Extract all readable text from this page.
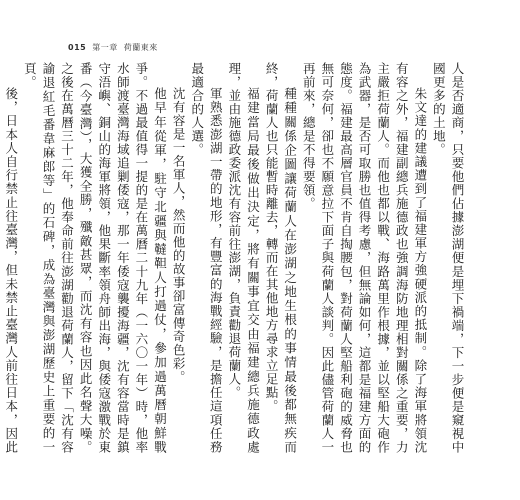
015 第一章 荷蘭東來

人是否適商，只要他們佔據澎湖便是埋下禍端，下一步便是窺視中國更多的土地。

朱文達的建議遭到了福建軍方強硬派的抵制。除了海軍將領沈有容之外，福建副總兵施德政也強調海防地理相對關係之重要，力主嚴拒荷蘭人。而他也都以戰、海路萬里作根據，並以堅船大砲作為武器，是否可取勝也值得考慮，但無論如何，這都是福建方面的態度。福建最高層官員不肯自掏腰包，對荷蘭人堅船利砲的威脅也無可奈何，卻也不願意拉下面子與荷蘭人談判。因此儘管荷蘭人一再前來，總是不得要領。

種種關係企圖讓荷蘭人在澎湖之地生根的事情最後都無疾而終，荷蘭人也只能暫時離去，轉而在其他地方尋求立足點。

福建當局最後做出決定，將有關事宜交由福建總兵施德政處理，並由施德政委派沈有容前往澎湖，負責勸退荷蘭人。

軍熟悉澎湖一帶的地形，有豐富的海戰經驗，是擔任這項任務最適合的人選。

沈有容是一名軍人，然而他的故事卻富傳奇色彩。

他早年從軍，駐守北疆與韃靼人打過仗，參加過萬曆朝鮮戰爭。不過最值得一提的是在萬曆二十九年（一六〇一年）時，他率水師渡臺灣海域追剿倭寇，那一年倭寇襲擾海疆，沈有容當時是鎮守浯嶼、銅山的海軍將領，他果斷率領舟師出海，與倭寇激戰於東番（今臺灣），大獲全勝，殲敵甚眾，而沈有容也因此名聲大噪。之後在萬曆三十二年，他奉命前往澎湖勸退荷蘭人，留下「沈有容諭退紅毛番韋麻郎等」的石碑，成為臺灣與澎湖歷史上重要的一頁。

後，日本人自行禁止往臺灣，但未禁止臺灣人前往日本，因此
